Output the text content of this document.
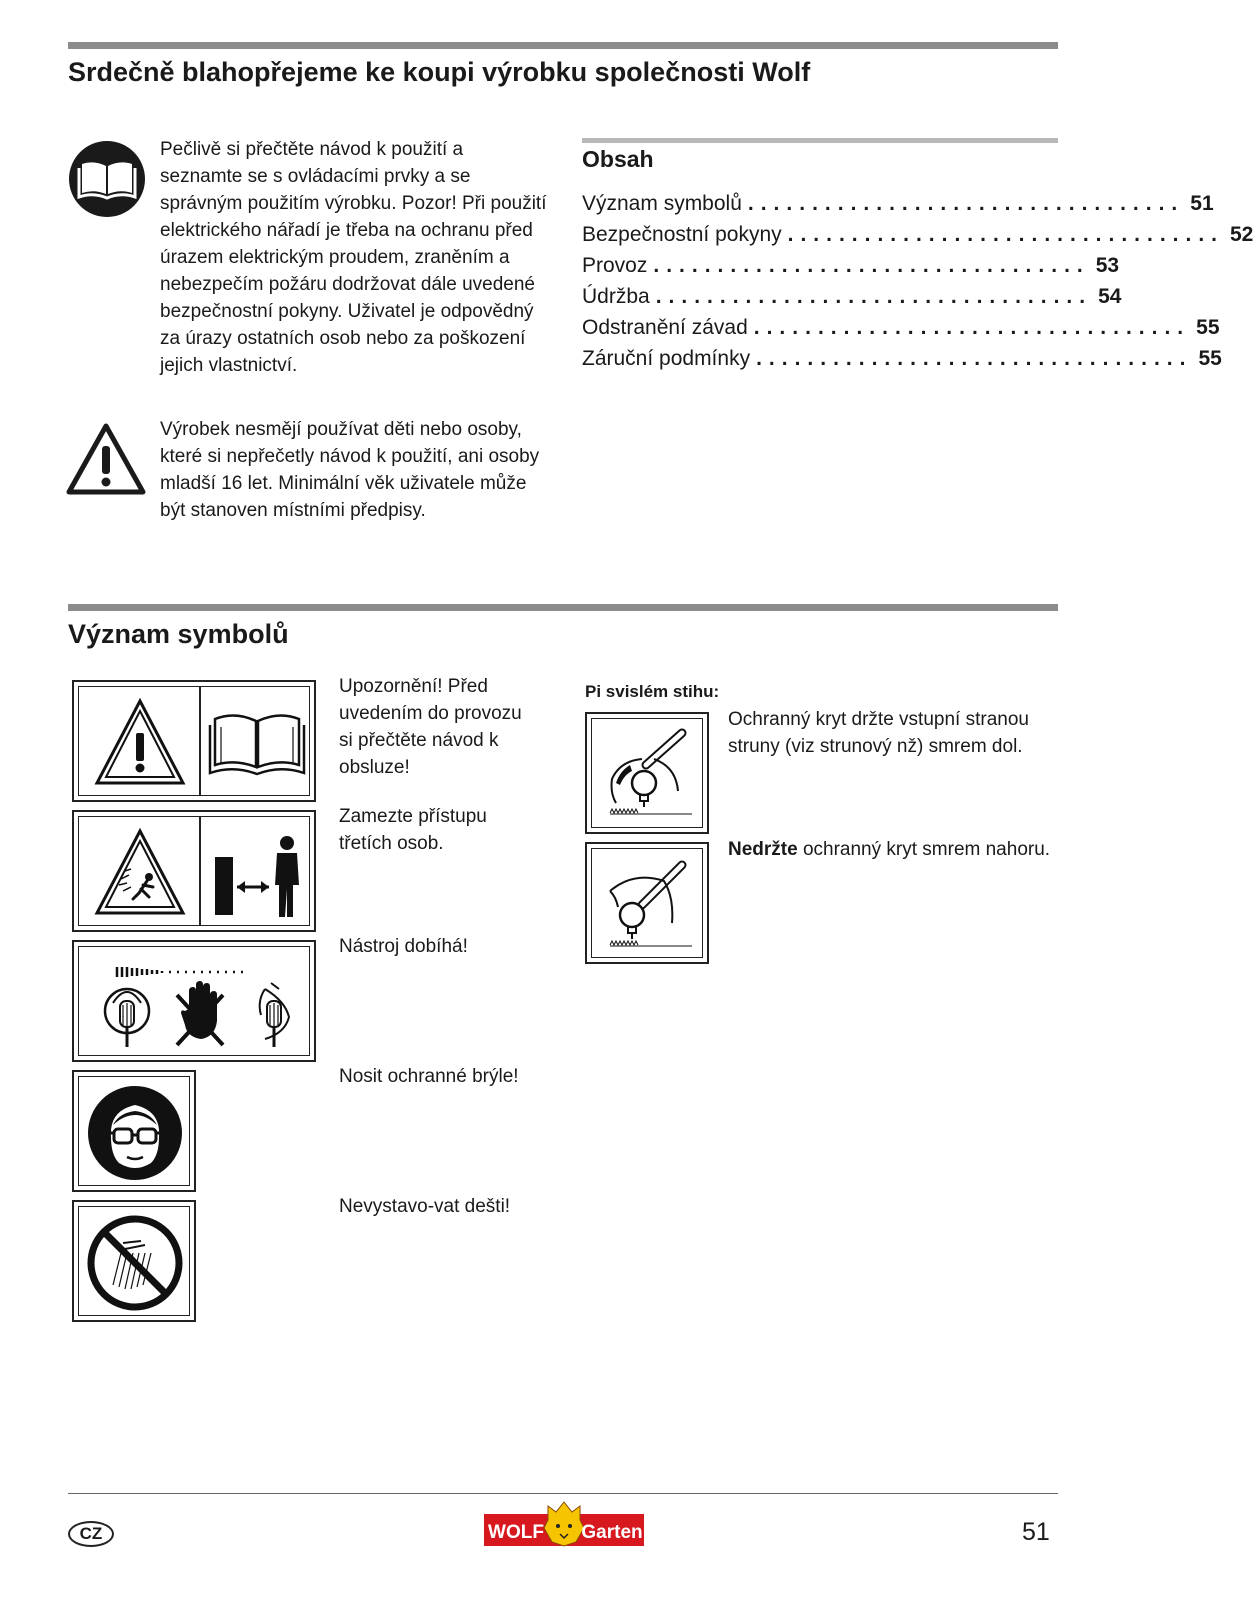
Srdečně blahopřejeme ke koupi výrobku společnosti Wolf

Pečlivě si přečtěte návod k použití a seznamte se s ovládacími prvky a se správným použitím výrobku. Pozor! Při použití elektrického nářadí je třeba na ochranu před úrazem elektrickým proudem, zraněním a nebezpečím požáru dodržovat dále uvedené bezpečnostní pokyny. Uživatel je odpovědný za úrazy ostatních osob nebo za poškození jejich vlastnictví.

Výrobek nesmějí používat děti nebo osoby, které si nepřečetly návod k použití, ani osoby mladší 16 let. Minimální věk uživatele může být stanoven místními předpisy.

Obsah
Význam symbolů .................................. 51
Bezpečnostní pokyny .................................. 52
Provoz .................................. 53
Údržba .................................. 54
Odstranění závad .................................. 55
Záruční podmínky .................................. 55
Význam symbolů

Upozornění! Před uvedením do provozu si přečtěte návod k obsluze!

Zamezte přístupu třetích osob.

Nástroj dobíhá!

Nosit ochranné brýle!

Nevystavo-vat dešti!

Pi svislém stihu:

Ochranný kryt držte vstupní stranou struny (viz strunový nž) smrem dol.

Nedržte ochranný kryt smrem nahoru.

CZ	WOLF Garten	51
